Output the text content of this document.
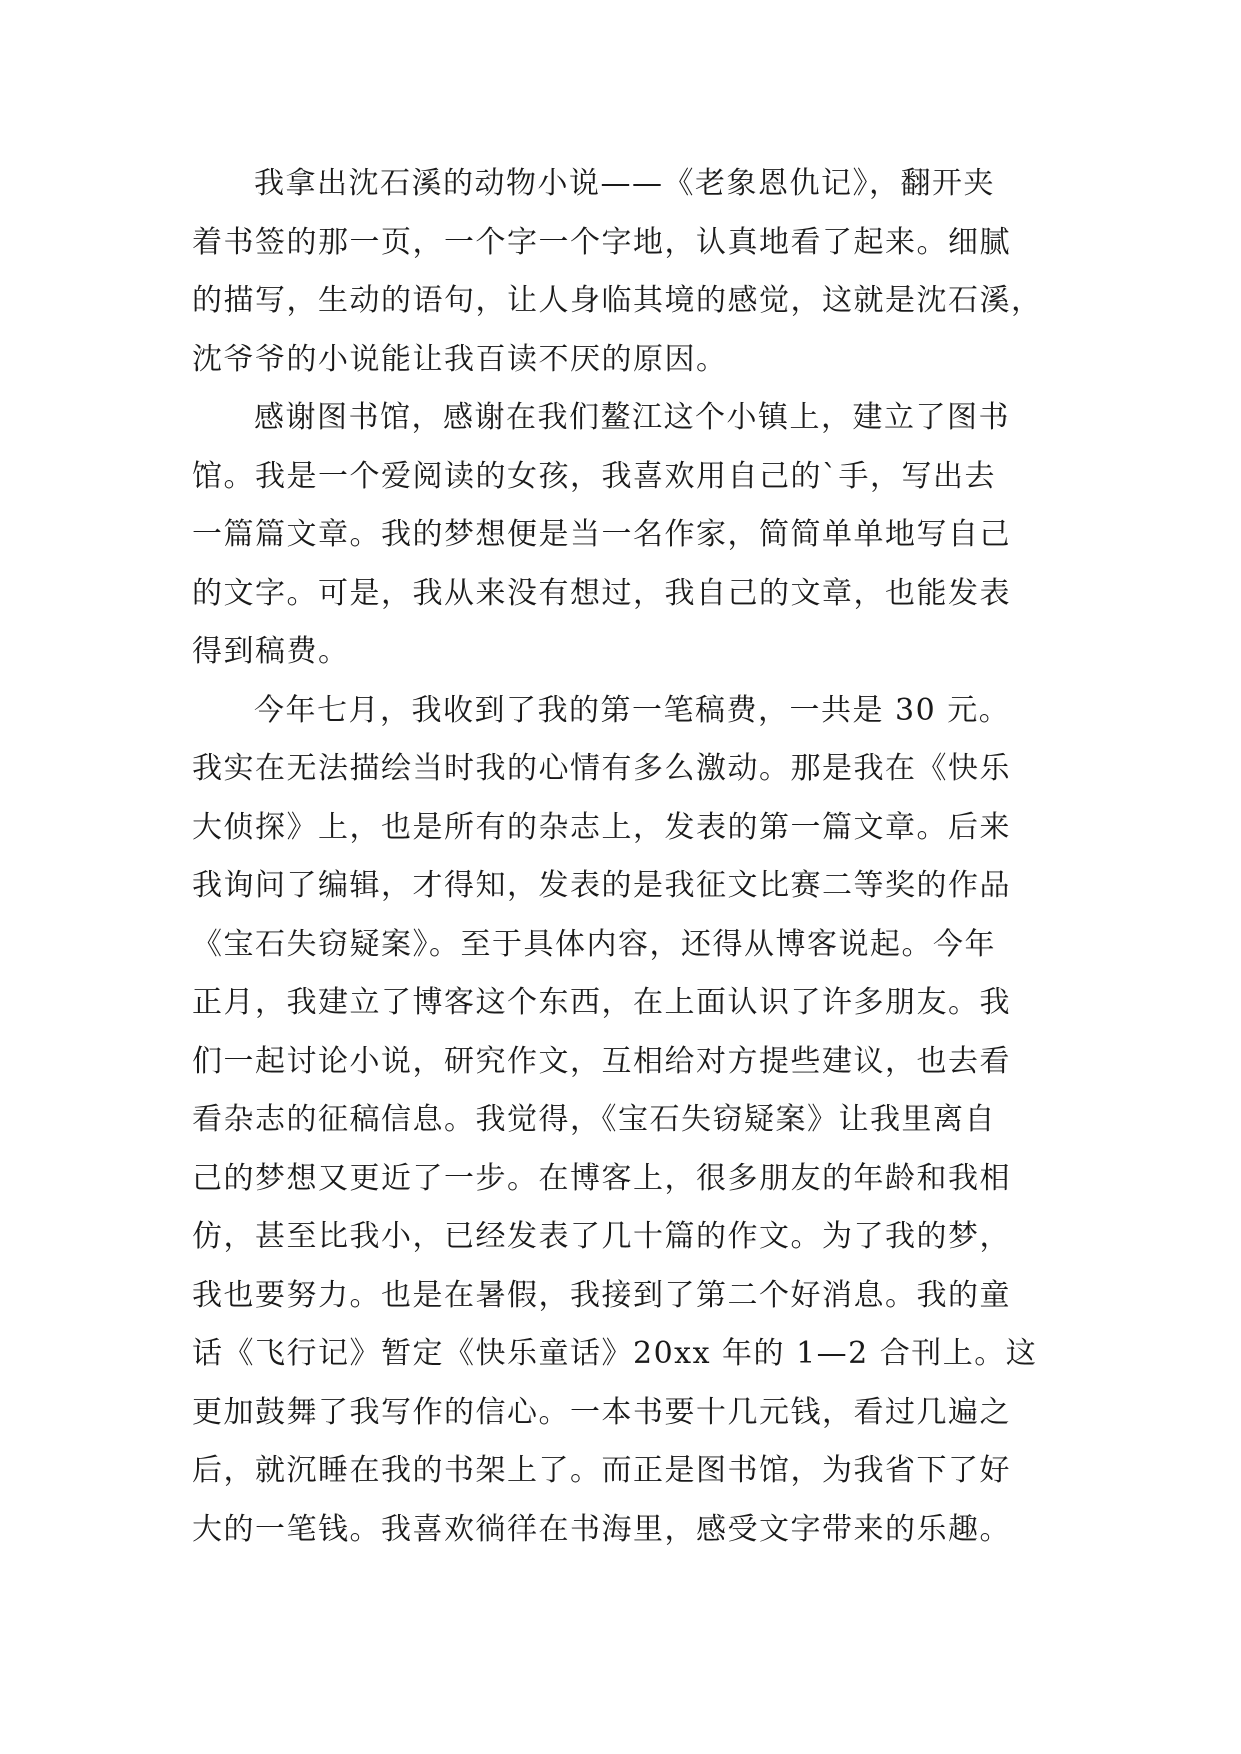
我拿出沈石溪的动物小说——《老象恩仇记》，翻开夹
着书签的那一页，一个字一个字地，认真地看了起来。细腻
的描写，生动的语句，让人身临其境的感觉，这就是沈石溪，
沈爷爷的小说能让我百读不厌的原因。
感谢图书馆，感谢在我们鳌江这个小镇上，建立了图书
馆。我是一个爱阅读的女孩，我喜欢用自己的`手，写出去
一篇篇文章。我的梦想便是当一名作家，简简单单地写自己
的文字。可是，我从来没有想过，我自己的文章，也能发表
得到稿费。
今年七月，我收到了我的第一笔稿费，一共是 30 元。
我实在无法描绘当时我的心情有多么激动。那是我在《快乐
大侦探》上，也是所有的杂志上，发表的第一篇文章。后来
我询问了编辑，才得知，发表的是我征文比赛二等奖的作品
《宝石失窃疑案》。至于具体内容，还得从博客说起。今年
正月，我建立了博客这个东西，在上面认识了许多朋友。我
们一起讨论小说，研究作文，互相给对方提些建议，也去看
看杂志的征稿信息。我觉得，《宝石失窃疑案》让我里离自
己的梦想又更近了一步。在博客上，很多朋友的年龄和我相
仿，甚至比我小，已经发表了几十篇的作文。为了我的梦，
我也要努力。也是在暑假，我接到了第二个好消息。我的童
话《飞行记》暂定《快乐童话》20xx 年的 1—2 合刊上。这
更加鼓舞了我写作的信心。一本书要十几元钱，看过几遍之
后，就沉睡在我的书架上了。而正是图书馆，为我省下了好
大的一笔钱。我喜欢徜徉在书海里，感受文字带来的乐趣。
